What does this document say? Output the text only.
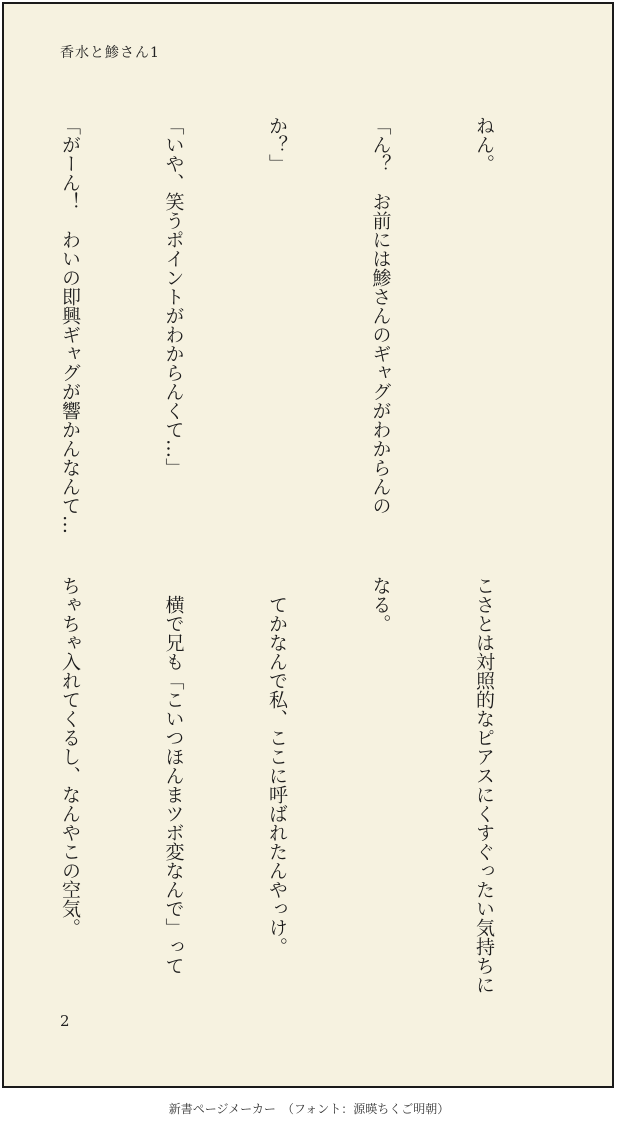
香水と鯵さん1

ねん。

「ん？　お前には鯵さんのギャグがわからんの

か？」

「いや、笑うポイントがわからんくて…」

「がーん！　わいの即興ギャグが響かんなんて…

こさとは対照的なピアスにくすぐったい気持ちに

なる。

　てかなんで私、ここに呼ばれたんやっけ。

　横で兄も「こいつほんまツボ変なんで」って

ちゃちゃ入れてくるし、なんやこの空気。

2
新書ページメーカー　（フォント：源暎ちくご明朝）
